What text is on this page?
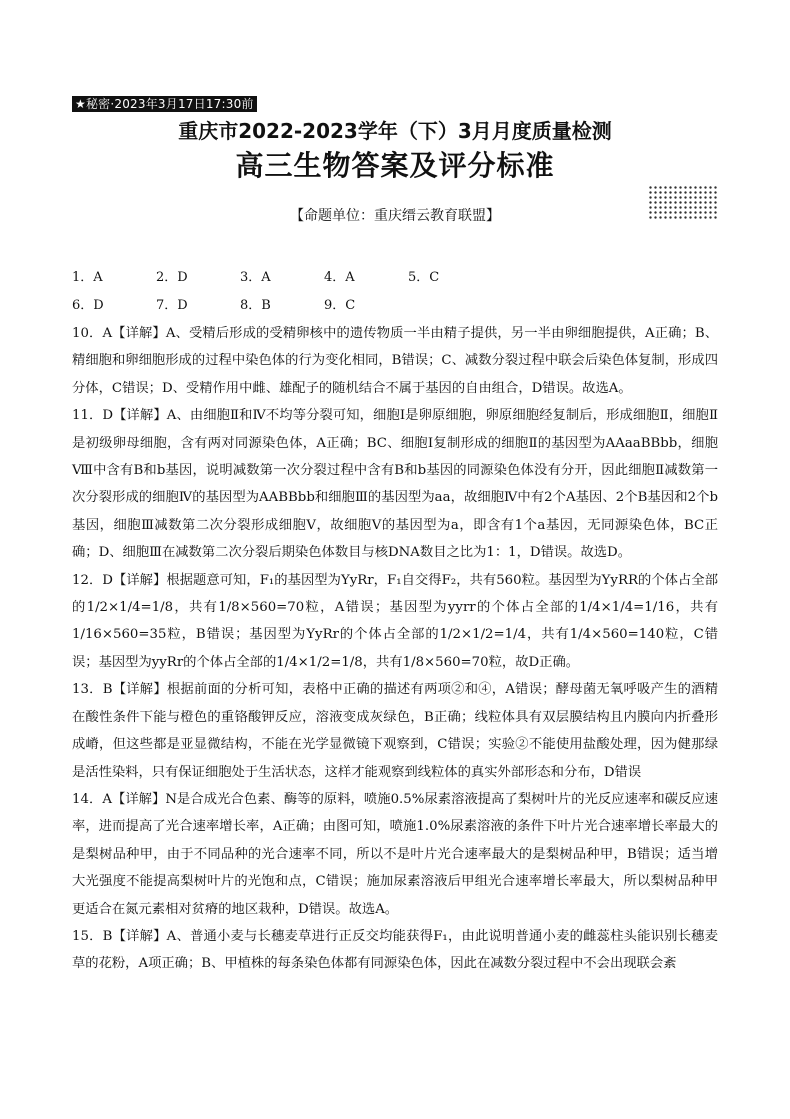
★秘密·2023年3月17日17:30前
重庆市2022-2023学年（下）3月月度质量检测
高三生物答案及评分标准
【命题单位：重庆缙云教育联盟】
1．A	2．D	3．A	4．A	5．C
6．D	7．D	8．B	9．C

10．A【详解】A、受精后形成的受精卵核中的遗传物质一半由精子提供，另一半由卵细胞提供，A正确；B、精细胞和卵细胞形成的过程中染色体的行为变化相同，B错误；C、减数分裂过程中联会后染色体复制，形成四分体，C错误；D、受精作用中雌、雄配子的随机结合不属于基因的自由组合，D错误。故选A。

11．D【详解】A、由细胞Ⅱ和Ⅳ不均等分裂可知，细胞Ⅰ是卵原细胞，卵原细胞经复制后，形成细胞Ⅱ，细胞Ⅱ是初级卵母细胞，含有两对同源染色体，A正确；BC、细胞Ⅰ复制形成的细胞Ⅱ的基因型为AAaaBBbb，细胞Ⅷ中含有B和b基因，说明减数第一次分裂过程中含有B和b基因的同源染色体没有分开，因此细胞Ⅱ减数第一次分裂形成的细胞Ⅳ的基因型为AABBbb和细胞Ⅲ的基因型为aa，故细胞Ⅳ中有2个A基因、2个B基因和2个b基因，细胞Ⅲ减数第二次分裂形成细胞Ⅴ，故细胞Ⅴ的基因型为a，即含有1个a基因，无同源染色体，BC正确；D、细胞Ⅲ在减数第二次分裂后期染色体数目与核DNA数目之比为1：1，D错误。故选D。

12．D【详解】根据题意可知，F₁的基因型为YyRr，F₁自交得F₂，共有560粒。基因型为YyRR的个体占全部的1/2×1/4=1/8，共有1/8×560=70粒，A错误；基因型为yyrr的个体占全部的1/4×1/4=1/16，共有1/16×560=35粒，B错误；基因型为YyRr的个体占全部的1/2×1/2=1/4，共有1/4×560=140粒，C错误；基因型为yyRr的个体占全部的1/4×1/2=1/8，共有1/8×560=70粒，故D正确。

13．B【详解】根据前面的分析可知，表格中正确的描述有两项②和④，A错误；酵母菌无氧呼吸产生的酒精在酸性条件下能与橙色的重铬酸钾反应，溶液变成灰绿色，B正确；线粒体具有双层膜结构且内膜向内折叠形成嵴，但这些都是亚显微结构，不能在光学显微镜下观察到，C错误；实验②不能使用盐酸处理，因为健那绿是活性染料，只有保证细胞处于生活状态，这样才能观察到线粒体的真实外部形态和分布，D错误

14．A【详解】N是合成光合色素、酶等的原料，喷施0.5%尿素溶液提高了梨树叶片的光反应速率和碳反应速率，进而提高了光合速率增长率，A正确；由图可知，喷施1.0%尿素溶液的条件下叶片光合速率增长率最大的是梨树品种甲，由于不同品种的光合速率不同，所以不是叶片光合速率最大的是梨树品种甲，B错误；适当增大光强度不能提高梨树叶片的光饱和点，C错误；施加尿素溶液后甲组光合速率增长率最大，所以梨树品种甲更适合在氮元素相对贫瘠的地区栽种，D错误。故选A。

15．B【详解】A、普通小麦与长穗麦草进行正反交均能获得F₁，由此说明普通小麦的雌蕊柱头能识别长穗麦草的花粉，A项正确；B、甲植株的每条染色体都有同源染色体，因此在减数分裂过程中不会出现联会紊
